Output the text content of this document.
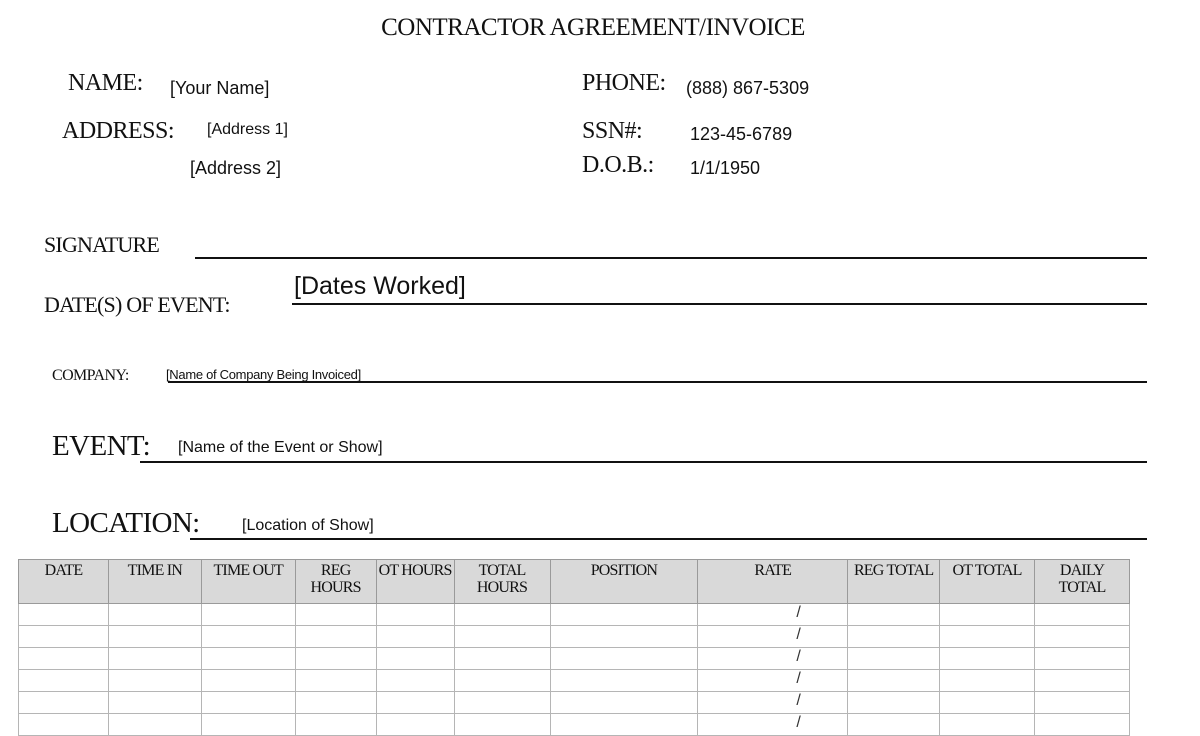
CONTRACTOR AGREEMENT/INVOICE
NAME: [Your Name]
ADDRESS: [Address 1]
[Address 2]
PHONE: (888) 867-5309
SSN#:	123-45-6789
D.O.B.: 1/1/1950
SIGNATURE
DATE(S) OF EVENT:
[Dates Worked]
COMPANY:	[Name of Company Being Invoiced]
EVENT: [Name of the Event or Show]
LOCATION:	[Location of Show]
DATE	TIME IN	TIME OUT	REG HOURS	OT HOURS	TOTAL HOURS	POSITION	RATE	REG TOTAL	OT TOTAL	DAILY TOTAL

							/			

							/			

							/			

							/			

							/			

							/			
